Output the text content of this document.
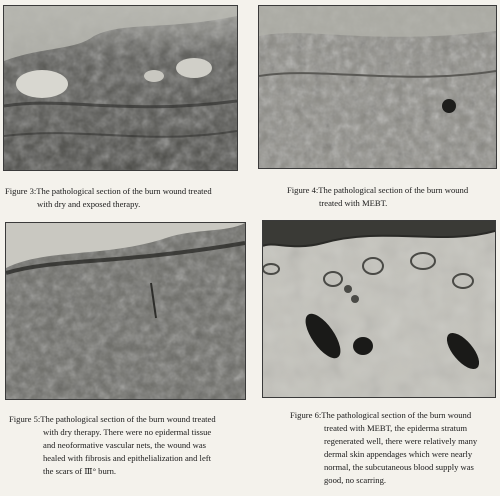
Figure 3:The pathological section of the burn wound treated
with dry and exposed therapy.
Figure 4:The pathological section of the burn wound
treated with MEBT.
Figure 5:The pathological section of the burn wound treated
with dry therapy. There were no epidermal tissue
and neoformative vascular nets, the wound was
healed with fibrosis and epithelialization and left
the scars of Ⅲ° burn.
Figure 6:The pathological section of the burn wound
treated with MEBT, the epiderma stratum
regenerated well, there were relatively many
dermal skin appendages which were nearly
normal, the subcutaneous blood supply was
good, no scarring.
